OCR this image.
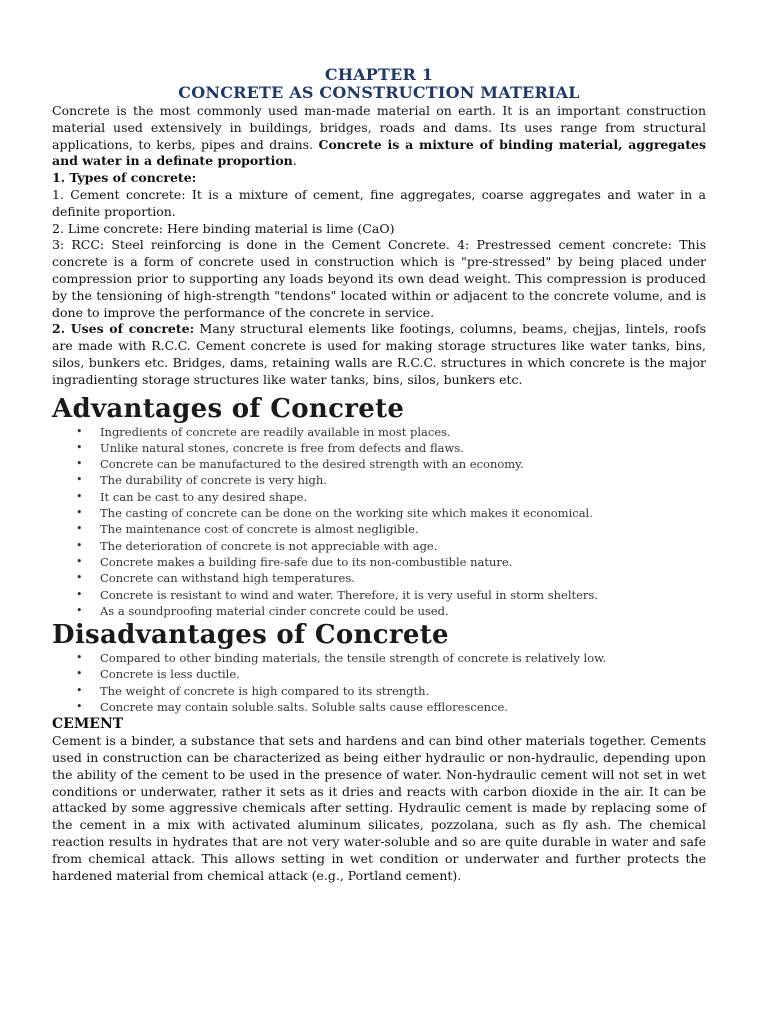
CHAPTER 1
CONCRETE AS CONSTRUCTION MATERIAL

Concrete is the most commonly used man-made material on earth. It is an important construction material used extensively in buildings, bridges, roads and dams. Its uses range from structural applications, to kerbs, pipes and drains. Concrete is a mixture of binding material, aggregates and water in a definate proportion.

1. Types of concrete:

1. Cement concrete: It is a mixture of cement, fine aggregates, coarse aggregates and water in a definite proportion.

2. Lime concrete: Here binding material is lime (CaO)

3: RCC: Steel reinforcing is done in the Cement Concrete. 4: Prestressed cement concrete: This concrete is a form of concrete used in construction which is "pre-stressed" by being placed under compression prior to supporting any loads beyond its own dead weight. This compression is produced by the tensioning of high-strength "tendons" located within or adjacent to the concrete volume, and is done to improve the performance of the concrete in service.

2. Uses of concrete: Many structural elements like footings, columns, beams, chejjas, lintels, roofs are made with R.C.C. Cement concrete is used for making storage structures like water tanks, bins, silos, bunkers etc. Bridges, dams, retaining walls are R.C.C. structures in which concrete is the major ingradienting storage structures like water tanks, bins, silos, bunkers etc.

Advantages of Concrete
• Ingredients of concrete are readily available in most places.
• Unlike natural stones, concrete is free from defects and flaws.
• Concrete can be manufactured to the desired strength with an economy.
• The durability of concrete is very high.
• It can be cast to any desired shape.
• The casting of concrete can be done on the working site which makes it economical.
• The maintenance cost of concrete is almost negligible.
• The deterioration of concrete is not appreciable with age.
• Concrete makes a building fire-safe due to its non-combustible nature.
• Concrete can withstand high temperatures.
• Concrete is resistant to wind and water. Therefore, it is very useful in storm shelters.
• As a soundproofing material cinder concrete could be used.
Disadvantages of Concrete
• Compared to other binding materials, the tensile strength of concrete is relatively low.
• Concrete is less ductile.
• The weight of concrete is high compared to its strength.
• Concrete may contain soluble salts. Soluble salts cause efflorescence.
CEMENT

Cement is a binder, a substance that sets and hardens and can bind other materials together. Cements used in construction can be characterized as being either hydraulic or non-hydraulic, depending upon the ability of the cement to be used in the presence of water. Non-hydraulic cement will not set in wet conditions or underwater, rather it sets as it dries and reacts with carbon dioxide in the air. It can be attacked by some aggressive chemicals after setting. Hydraulic cement is made by replacing some of the cement in a mix with activated aluminum silicates, pozzolana, such as fly ash. The chemical reaction results in hydrates that are not very water-soluble and so are quite durable in water and safe from chemical attack. This allows setting in wet condition or underwater and further protects the hardened material from chemical attack (e.g., Portland cement).
